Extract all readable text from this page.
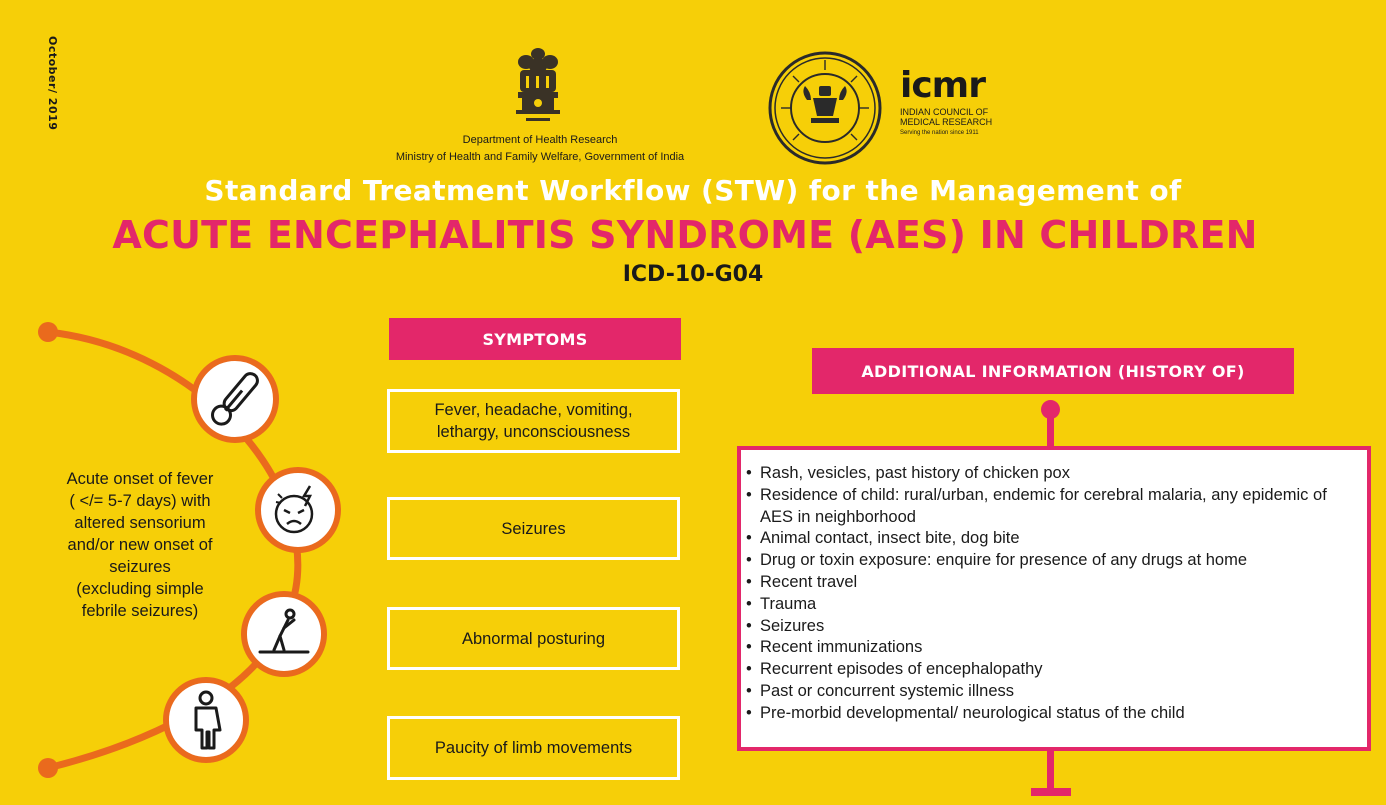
October/ 2019
Department of Health Research
Ministry of Health and Family Welfare, Government of India
icmr
INDIAN COUNCIL OF
MEDICAL RESEARCH
Serving the nation since 1911
Standard Treatment Workflow (STW) for the Management of
ACUTE ENCEPHALITIS SYNDROME (AES) IN CHILDREN
ICD-10-G04
Acute onset of fever
( </= 5-7 days) with
altered sensorium
and/or new onset of
seizures
(excluding simple
febrile seizures)
SYMPTOMS
Fever, headache, vomiting,
lethargy, unconsciousness
Seizures
Abnormal posturing
Paucity of limb movements
ADDITIONAL INFORMATION (HISTORY OF)
• Rash, vesicles, past history of chicken pox
• Residence of child: rural/urban, endemic for cerebral malaria, any epidemic of AES in neighborhood
• Animal contact, insect bite, dog bite
• Drug or toxin exposure: enquire for presence of any drugs at home
• Recent travel
• Trauma
• Seizures
• Recent immunizations
• Recurrent episodes of encephalopathy
• Past or concurrent systemic illness
• Pre-morbid developmental/ neurological status of the child
